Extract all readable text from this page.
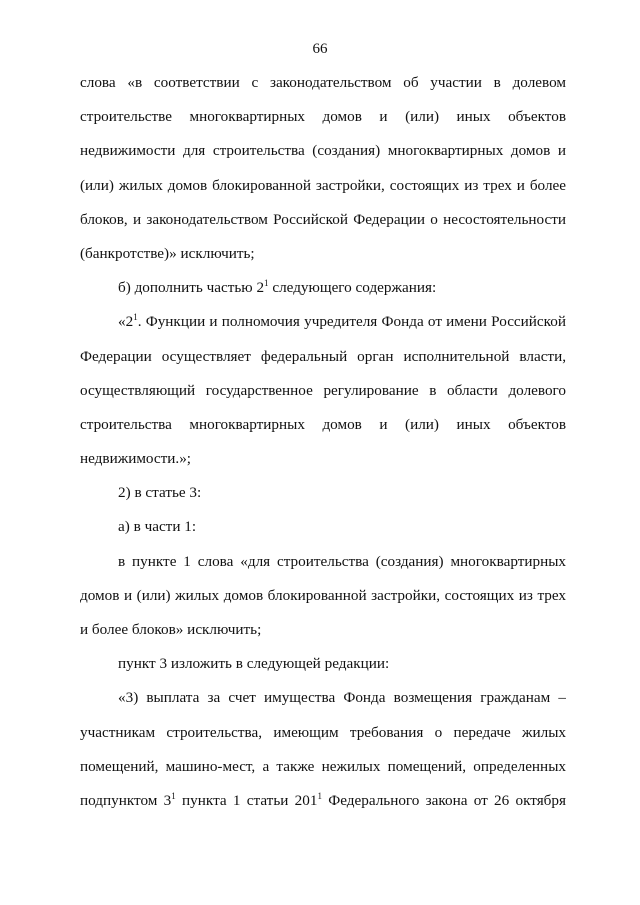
66
слова «в соответствии с законодательством об участии в долевом
строительстве многоквартирных домов и (или) иных объектов
недвижимости для строительства (создания) многоквартирных домов и
(или) жилых домов блокированной застройки, состоящих из трех и более
блоков, и законодательством Российской Федерации о несостоятельности
(банкротстве)» исключить;
б) дополнить частью $2^1$ следующего содержания:
«$2^1$. Функции и полномочия учредителя Фонда от имени Российской
Федерации осуществляет федеральный орган исполнительной власти,
осуществляющий государственное регулирование в области долевого
строительства многоквартирных домов и (или) иных объектов
недвижимости.»;
2) в статье 3:
а) в части 1:
в пункте 1 слова «для строительства (создания) многоквартирных
домов и (или) жилых домов блокированной застройки, состоящих из трех
и более блоков» исключить;
пункт 3 изложить в следующей редакции:
«3) выплата за счет имущества Фонда возмещения гражданам –
участникам строительства, имеющим требования о передаче жилых
помещений, машино-мест, а также нежилых помещений, определенных
подпунктом $3^1$ пункта 1 статьи $201^1$ Федерального закона от 26 октября
